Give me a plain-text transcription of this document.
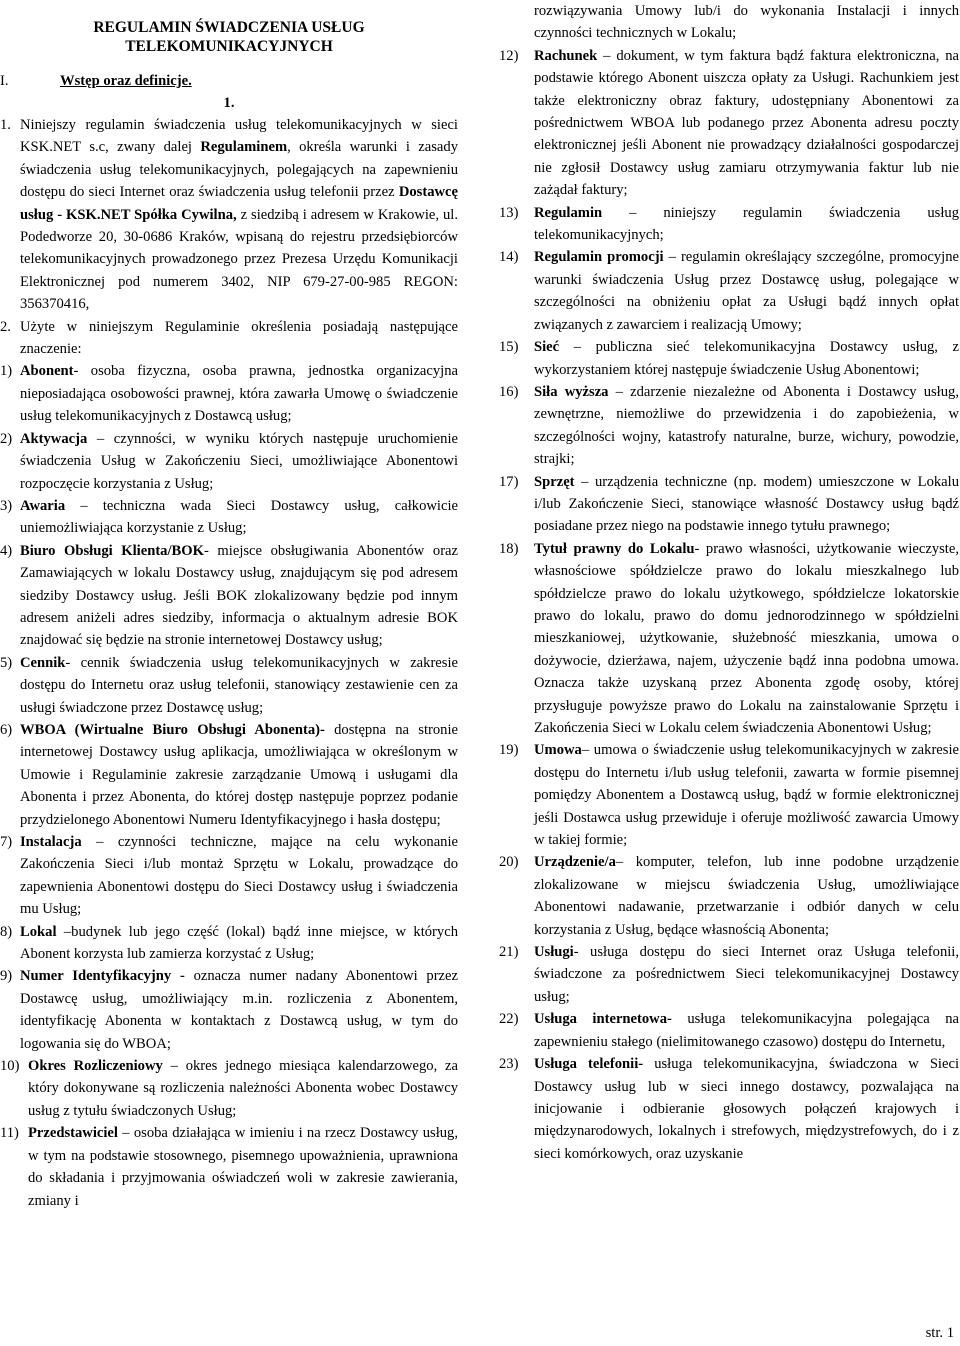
REGULAMIN ŚWIADCZENIA USŁUG TELEKOMUNIKACYJNYCH
I.	Wstęp oraz definicje.
1.
1. Niniejszy regulamin świadczenia usług telekomunikacyjnych w sieci KSK.NET s.c, zwany dalej Regulaminem, określa warunki i zasady świadczenia usług telekomunikacyjnych, polegających na zapewnieniu dostępu do sieci Internet oraz świadczenia usług telefonii przez Dostawcę usług - KSK.NET Spółka Cywilna, z siedzibą i adresem w Krakowie, ul. Podedworze 20, 30-0686 Kraków, wpisaną do rejestru przedsiębiorców telekomunikacyjnych prowadzonego przez Prezesa Urzędu Komunikacji Elektronicznej pod numerem 3402, NIP 679-27-00-985 REGON: 356370416,
2. Użyte w niniejszym Regulaminie określenia posiadają następujące znaczenie:
1) Abonent- osoba fizyczna, osoba prawna, jednostka organizacyjna nieposiadająca osobowości prawnej, która zawarła Umowę o świadczenie usług telekomunikacyjnych z Dostawcą usług;
2) Aktywacja – czynności, w wyniku których następuje uruchomienie świadczenia Usług w Zakończeniu Sieci, umożliwiające Abonentowi rozpoczęcie korzystania z Usług;
3) Awaria – techniczna wada Sieci Dostawcy usług, całkowicie uniemożliwiająca korzystanie z Usług;
4) Biuro Obsługi Klienta/BOK- miejsce obsługiwania Abonentów oraz Zamawiających w lokalu Dostawcy usług, znajdującym się pod adresem siedziby Dostawcy usług. Jeśli BOK zlokalizowany będzie pod innym adresem aniżeli adres siedziby, informacja o aktualnym adresie BOK znajdować się będzie na stronie internetowej Dostawcy usług;
5) Cennik- cennik świadczenia usług telekomunikacyjnych w zakresie dostępu do Internetu oraz usług telefonii, stanowiący zestawienie cen za usługi świadczone przez Dostawcę usług;
6) WBOA (Wirtualne Biuro Obsługi Abonenta)- dostępna na stronie internetowej Dostawcy usług aplikacja, umożliwiająca w określonym w Umowie i Regulaminie zakresie zarządzanie Umową i usługami dla Abonenta i przez Abonenta, do której dostęp następuje poprzez podanie przydzielonego Abonentowi Numeru Identyfikacyjnego i hasła dostępu;
7) Instalacja – czynności techniczne, mające na celu wykonanie Zakończenia Sieci i/lub montaż Sprzętu w Lokalu, prowadzące do zapewnienia Abonentowi dostępu do Sieci Dostawcy usług i świadczenia mu Usług;
8) Lokal –budynek lub jego część (lokal) bądź inne miejsce, w których Abonent korzysta lub zamierza korzystać z Usług;
9) Numer Identyfikacyjny - oznacza numer nadany Abonentowi przez Dostawcę usług, umożliwiający m.in. rozliczenia z Abonentem, identyfikację Abonenta w kontaktach z Dostawcą usług, w tym do logowania się do WBOA;
10) Okres Rozliczeniowy – okres jednego miesiąca kalendarzowego, za który dokonywane są rozliczenia należności Abonenta wobec Dostawcy usług z tytułu świadczonych Usług;
11) Przedstawiciel – osoba działająca w imieniu i na rzecz Dostawcy usług, w tym na podstawie stosownego, pisemnego upoważnienia, uprawniona do składania i przyjmowania oświadczeń woli w zakresie zawierania, zmiany i

rozwiązywania Umowy lub/i do wykonania Instalacji i innych czynności technicznych w Lokalu;

12)	Rachunek – dokument, w tym faktura bądź faktura elektroniczna, na podstawie którego Abonent uiszcza opłaty za Usługi. Rachunkiem jest także elektroniczny obraz faktury, udostępniany Abonentowi za pośrednictwem WBOA lub podanego przez Abonenta adresu poczty elektronicznej jeśli Abonent nie prowadzący działalności gospodarczej nie zgłosił Dostawcy usług zamiaru otrzymywania faktur lub nie zażądał faktury;
13)	Regulamin – niniejszy regulamin świadczenia usług telekomunikacyjnych;
14)	Regulamin promocji – regulamin określający szczególne, promocyjne warunki świadczenia Usług przez Dostawcę usług, polegające w szczególności na obniżeniu opłat za Usługi bądź innych opłat związanych z zawarciem i realizacją Umowy;
15)	Sieć – publiczna sieć telekomunikacyjna Dostawcy usług, z wykorzystaniem której następuje świadczenie Usług Abonentowi;
16)	Siła wyższa – zdarzenie niezależne od Abonenta i Dostawcy usług, zewnętrzne, niemożliwe do przewidzenia i do zapobieżenia, w szczególności wojny, katastrofy naturalne, burze, wichury, powodzie, strajki;
17)	Sprzęt – urządzenia techniczne (np. modem) umieszczone w Lokalu i/lub Zakończenie Sieci, stanowiące własność Dostawcy usług bądź posiadane przez niego na podstawie innego tytułu prawnego;
18)	Tytuł prawny do Lokalu- prawo własności, użytkowanie wieczyste, własnościowe spółdzielcze prawo do lokalu mieszkalnego lub spółdzielcze prawo do lokalu użytkowego, spółdzielcze lokatorskie prawo do lokalu, prawo do domu jednorodzinnego w spółdzielni mieszkaniowej, użytkowanie, służebność mieszkania, umowa o dożywocie, dzierżawa, najem, użyczenie bądź inna podobna umowa. Oznacza także uzyskaną przez Abonenta zgodę osoby, której przysługuje powyższe prawo do Lokalu na zainstalowanie Sprzętu i Zakończenia Sieci w Lokalu celem świadczenia Abonentowi Usług;
19)	Umowa– umowa o świadczenie usług telekomunikacyjnych w zakresie dostępu do Internetu i/lub usług telefonii, zawarta w formie pisemnej pomiędzy Abonentem a Dostawcą usług, bądź w formie elektronicznej jeśli Dostawca usług przewiduje i oferuje możliwość zawarcia Umowy w takiej formie;
20)	Urządzenie/a– komputer, telefon, lub inne podobne urządzenie zlokalizowane w miejscu świadczenia Usług, umożliwiające Abonentowi nadawanie, przetwarzanie i odbiór danych w celu korzystania z Usług, będące własnością Abonenta;
21)	Usługi- usługa dostępu do sieci Internet oraz Usługa telefonii, świadczone za pośrednictwem Sieci telekomunikacyjnej Dostawcy usług;
22)	Usługa internetowa- usługa telekomunikacyjna polegająca na zapewnieniu stałego (nielimitowanego czasowo) dostępu do Internetu,
23)	Usługa telefonii- usługa telekomunikacyjna, świadczona w Sieci Dostawcy usług lub w sieci innego dostawcy, pozwalająca na inicjowanie i odbieranie głosowych połączeń krajowych i międzynarodowych, lokalnych i strefowych, międzystrefowych, do i z sieci komórkowych, oraz uzyskanie
str. 1
